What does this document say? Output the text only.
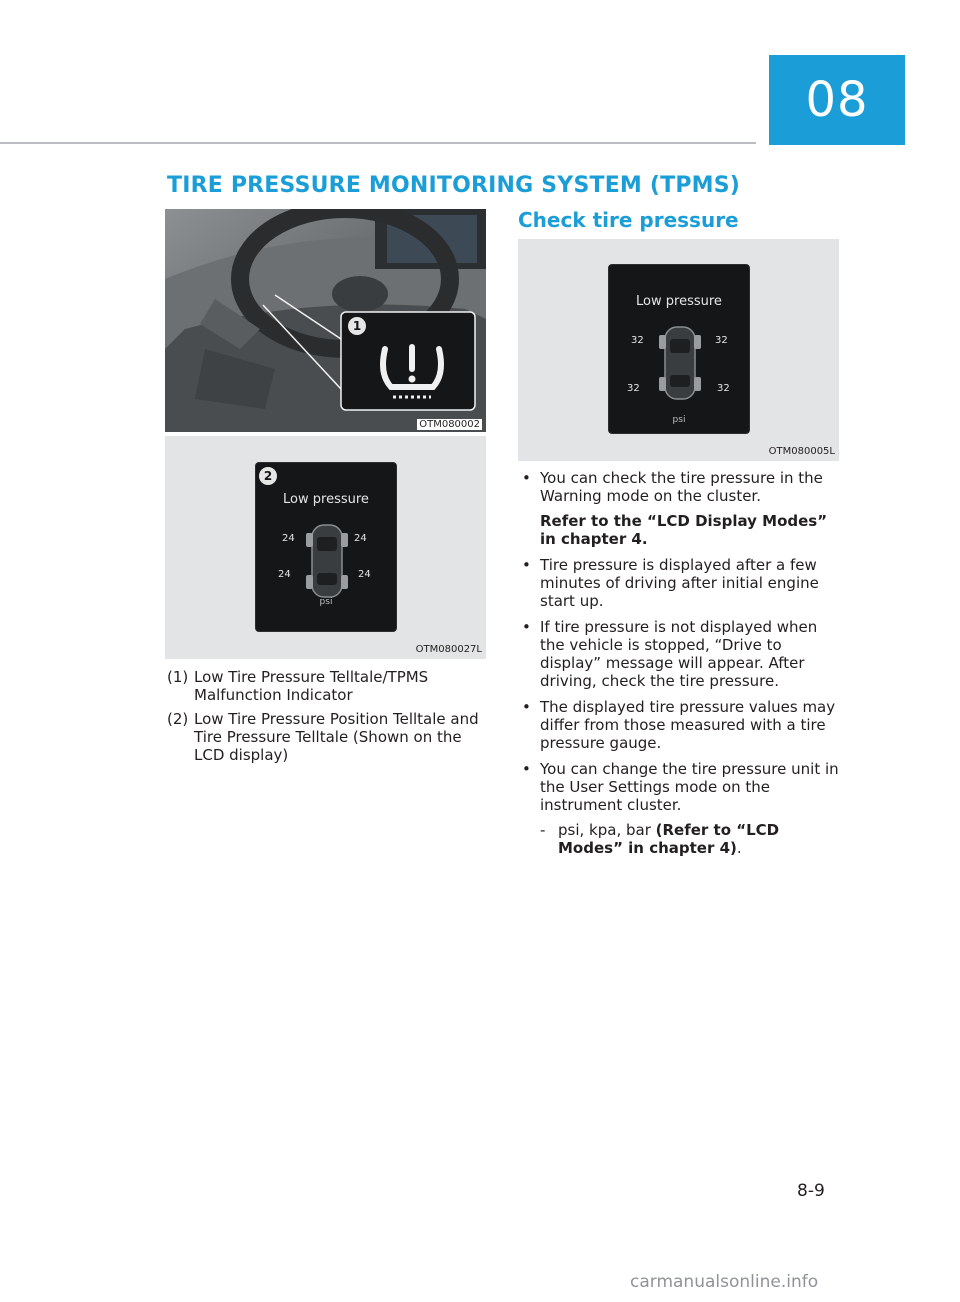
08
TIRE PRESSURE MONITORING SYSTEM (TPMS)
1
OTM080002
2
Low pressure
24	24
24	24
psi
OTM080027L
(1) Low Tire Pressure Telltale/TPMS Malfunction Indicator
(2) Low Tire Pressure Position Telltale and Tire Pressure Telltale (Shown on the LCD display)
Check tire pressure
Low pressure
32	32
32	32
psi
OTM080005L
• You can check the tire pressure in the Warning mode on the cluster.
Refer to the “LCD Display Modes” in chapter 4.
• Tire pressure is displayed after a few minutes of driving after initial engine start up.
• If tire pressure is not displayed when the vehicle is stopped, “Drive to display” message will appear. After driving, check the tire pressure.
• The displayed tire pressure values may differ from those measured with a tire pressure gauge.
• You can change the tire pressure unit in the User Settings mode on the instrument cluster.
- psi, kpa, bar (Refer to “LCD Modes” in chapter 4).
8-9
carmanualsonline.info
